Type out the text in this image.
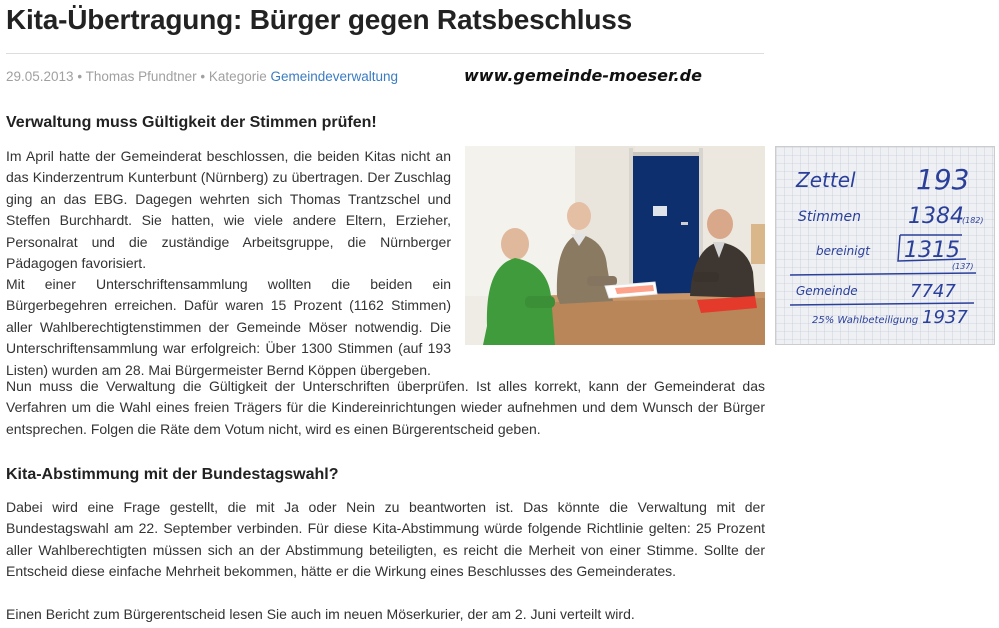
Kita-Übertragung: Bürger gegen Ratsbeschluss
29.05.2013 • Thomas Pfundtner • Kategorie Gemeindeverwaltung	www.gemeinde-moeser.de
Verwaltung muss Gültigkeit der Stimmen prüfen!

Im April hatte der Gemeinderat beschlossen, die beiden Kitas nicht an das Kinderzentrum Kunterbunt (Nürnberg) zu übertragen. Der Zuschlag ging an das EBG. Dagegen wehrten sich Thomas Trantzschel und Steffen Burchhardt. Sie hatten, wie viele andere Eltern, Erzieher, Personalrat und die zuständige Arbeitsgruppe, die Nürnberger Pädagogen favorisiert.

Mit einer Unterschriftensammlung wollten die beiden ein Bürgerbegehren erreichen. Dafür waren 15 Prozent (1162 Stimmen) aller Wahlberechtigtenstimmen der Gemeinde Möser notwendig. Die Unterschriftensammlung war erfolgreich: Über 1300 Stimmen (auf 193 Listen) wurden am 28. Mai Bürgermeister Bernd Köppen übergeben.

Nun muss die Verwaltung die Gültigkeit der Unterschriften überprüfen. Ist alles korrekt, kann der Gemeinderat das Verfahren um die Wahl eines freien Trägers für die Kindereinrichtungen wieder aufnehmen und dem Wunsch der Bürger entsprechen. Folgen die Räte dem Votum nicht, wird es einen Bürgerentscheid geben.

Zettel 193
Stimmen 1384
(182)
bereinigt 1315
(137)
Gemeinde	7747
25% Wahlbeteiligung 1937
Kita-Abstimmung mit der Bundestagswahl?

Dabei wird eine Frage gestellt, die mit Ja oder Nein zu beantworten ist. Das könnte die Verwaltung mit der Bundestagswahl am 22. September verbinden. Für diese Kita-Abstimmung würde folgende Richtlinie gelten: 25 Prozent aller Wahlberechtigten müssen sich an der Abstimmung beteiligten, es reicht die Merheit von einer Stimme. Sollte der Entscheid diese einfache Mehrheit bekommen, hätte er die Wirkung eines Beschlusses des Gemeinderates.

Einen Bericht zum Bürgerentscheid lesen Sie auch im neuen Möserkurier, der am 2. Juni verteilt wird.
